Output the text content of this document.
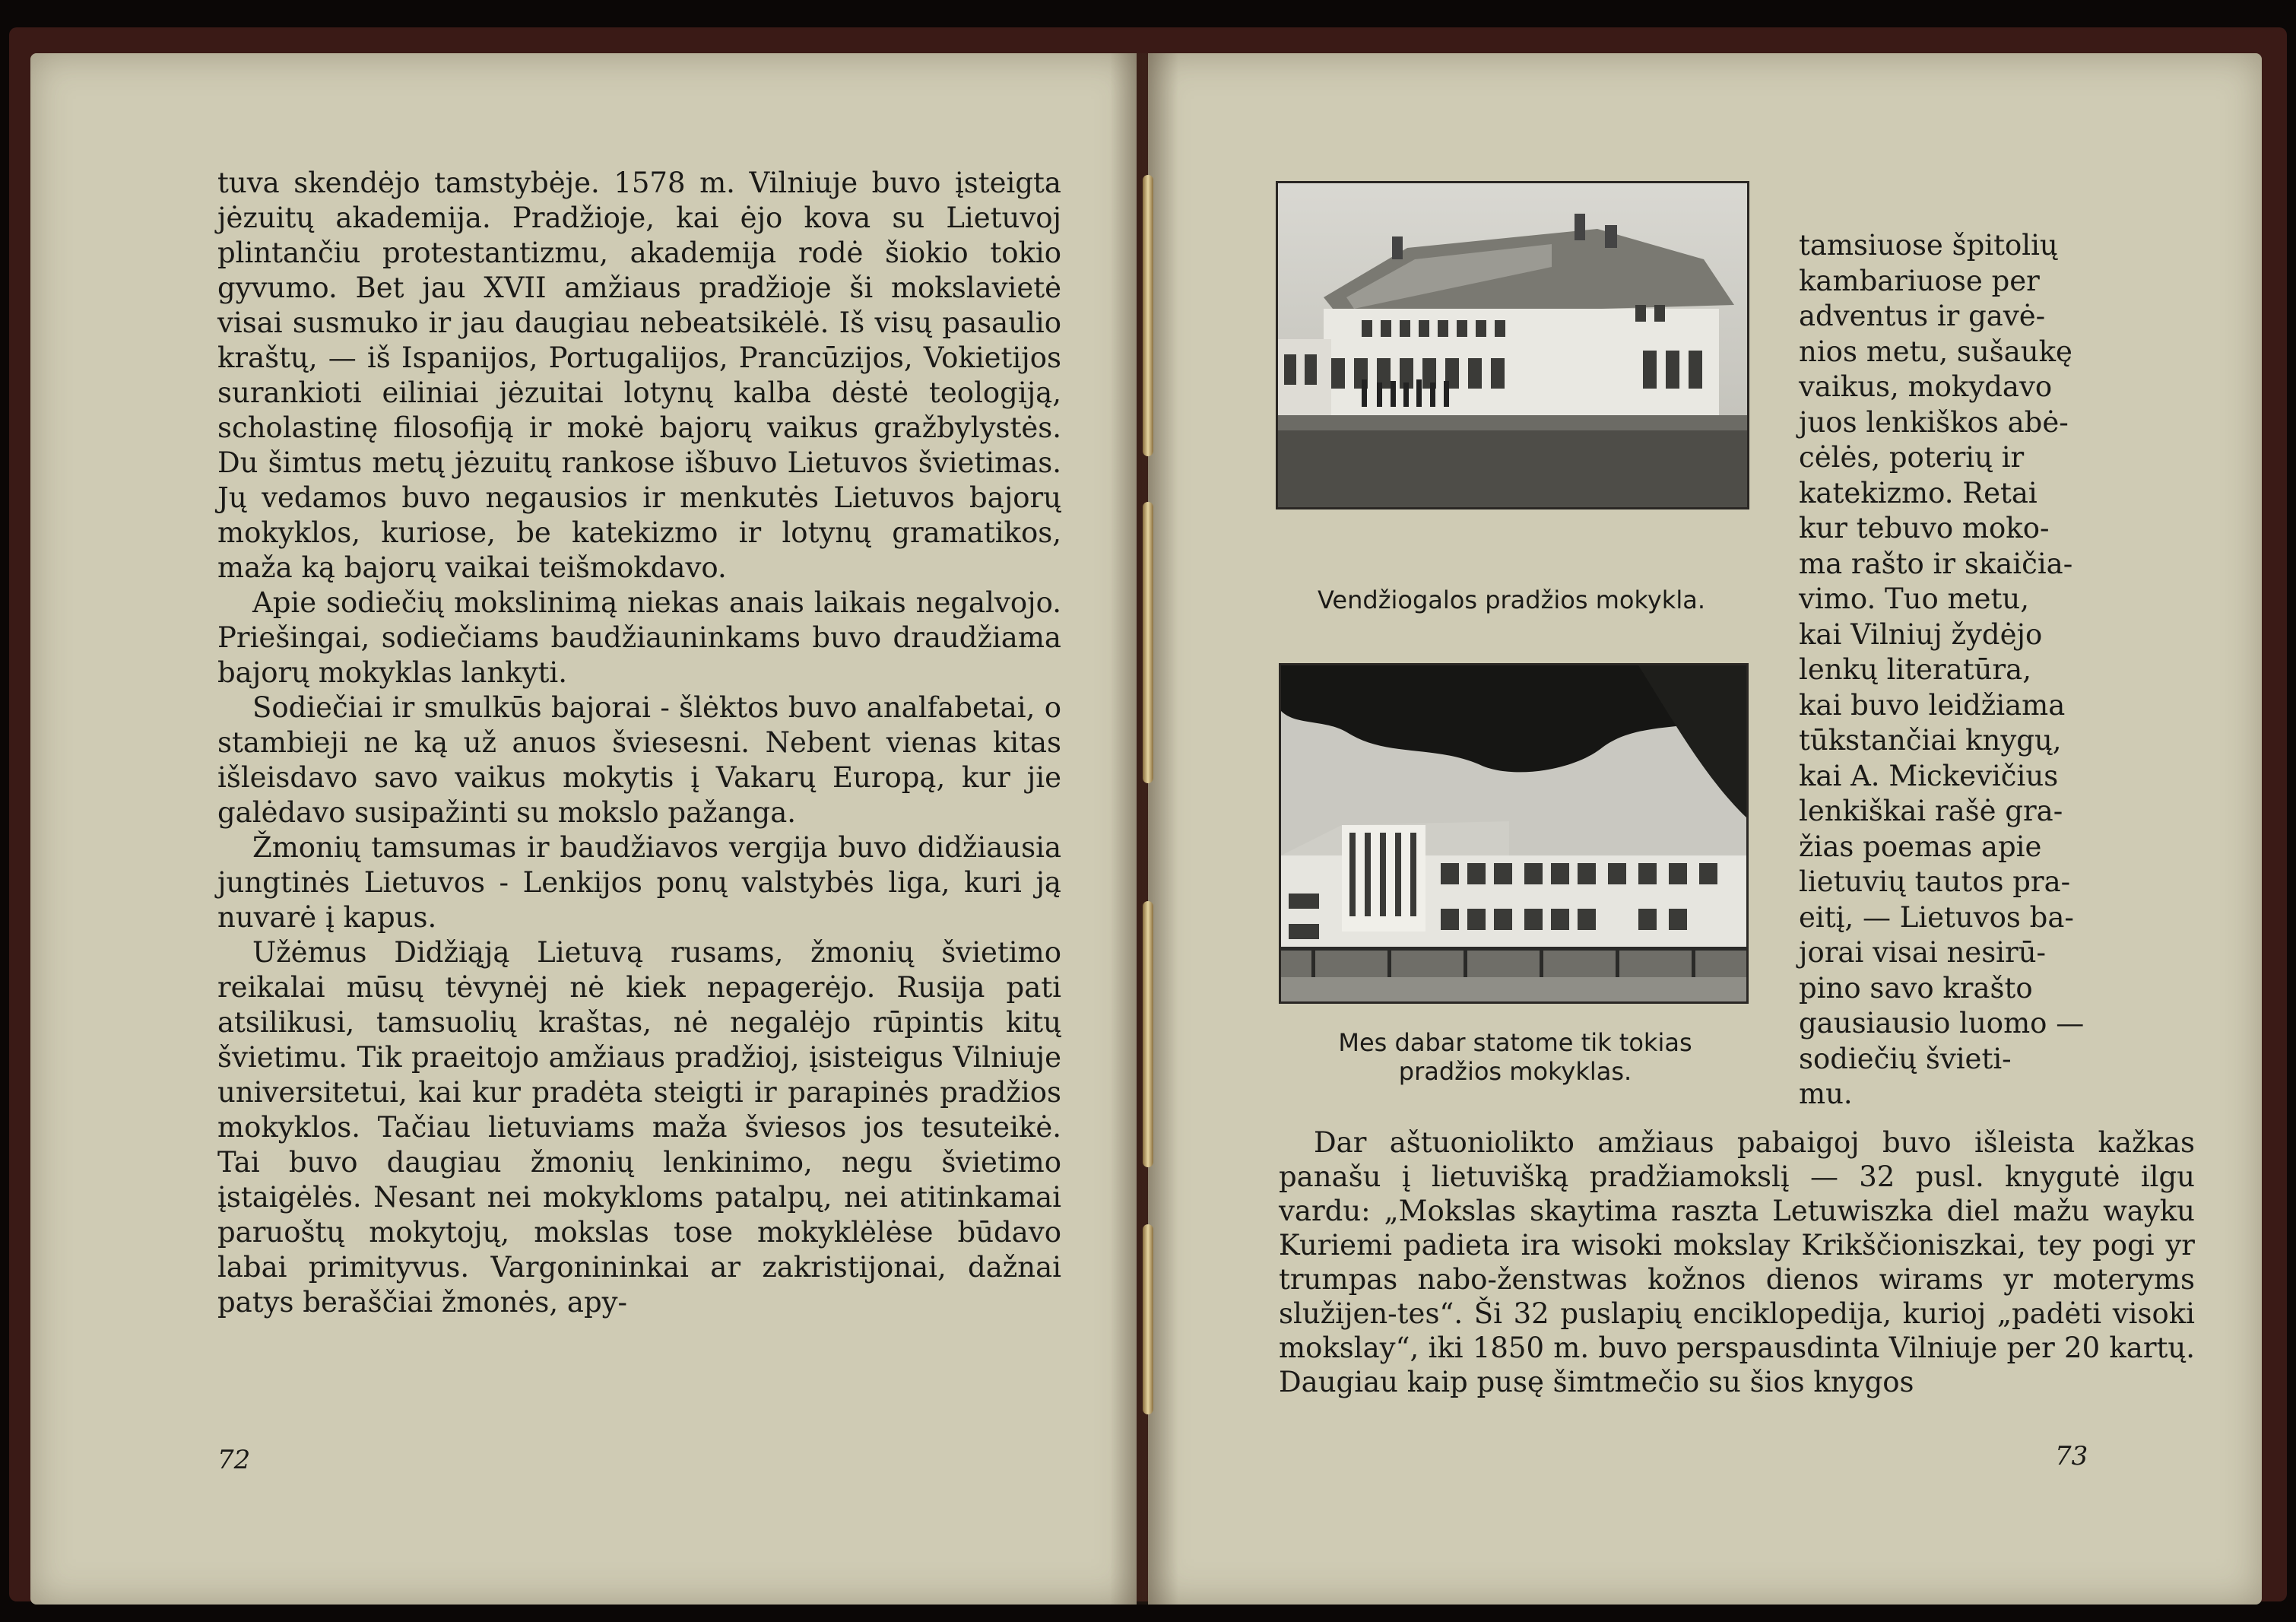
tuva skendėjo tamstybėje. 1578 m. Vilniuje buvo įsteigta jėzuitų akademija. Pradžioje, kai ėjo kova su Lietuvoj plintančiu protestantizmu, akademija rodė šiokio tokio gyvumo. Bet jau XVII amžiaus pradžioje ši mokslavietė visai susmuko ir jau daugiau nebeatsikėlė. Iš visų pasaulio kraštų, — iš Ispanijos, Portugalijos, Prancūzijos, Vokietijos surankioti eiliniai jėzuitai lotynų kalba dėstė teologiją, scholastinę filosofiją ir mokė bajorų vaikus gražbylystės. Du šimtus metų jėzuitų rankose išbuvo Lietuvos švietimas. Jų vedamos buvo negausios ir menkutės Lietuvos bajorų mokyklos, kuriose, be katekizmo ir lotynų gramatikos, maža ką bajorų vaikai teišmokdavo.

Apie sodiečių mokslinimą niekas anais laikais negalvojo. Priešingai, sodiečiams baudžiauninkams buvo draudžiama bajorų mokyklas lankyti.

Sodiečiai ir smulkūs bajorai - šlėktos buvo analfabetai, o stambieji ne ką už anuos šviesesni. Nebent vienas kitas išleisdavo savo vaikus mokytis į Vakarų Europą, kur jie galėdavo susipažinti su mokslo pažanga.

Žmonių tamsumas ir baudžiavos vergija buvo didžiausia jungtinės Lietuvos - Lenkijos ponų valstybės liga, kuri ją nuvarė į kapus.

Užėmus Didžiąją Lietuvą rusams, žmonių švietimo reikalai mūsų tėvynėj nė kiek nepagerėjo. Rusija pati atsilikusi, tamsuolių kraštas, nė negalėjo rūpintis kitų švietimu. Tik praeitojo amžiaus pradžioj, įsisteigus Vilniuje universitetui, kai kur pradėta steigti ir parapinės pradžios mokyklos. Tačiau lietuviams maža šviesos jos tesuteikė. Tai buvo daugiau žmonių lenkinimo, negu švietimo įstaigėlės. Nesant nei mokykloms patalpų, nei atitinkamai paruoštų mokytojų, mokslas tose mokyklėlėse būdavo labai primityvus. Vargonininkai ar zakristijonai, dažnai patys beraščiai žmonės, apy-

72
Vendžiogalos pradžios mokykla.
Mes dabar statome tik tokias pradžios mokyklas.
tamsiuose špitolių
kambariuose per
adventus ir gavė-
nios metu, sušaukę
vaikus, mokydavo
juos lenkiškos abė-
cėlės, poterių ir
katekizmo. Retai
kur tebuvo moko-
ma rašto ir skaičia-
vimo. Tuo metu,
kai Vilniuj žydėjo
lenkų literatūra,
kai buvo leidžiama
tūkstančiai knygų,
kai A. Mickevičius
lenkiškai rašė gra-
žias poemas apie
lietuvių tautos pra-
eitį, — Lietuvos ba-
jorai visai nesirū-
pino savo krašto
gausiausio luomo —
sodiečių švieti-
mu.

Dar aštuonioliktо amžiaus pabaigoj buvo išleista kažkas panašu į lietuvišką pradžiamokslį — 32 pusl. knygutė ilgu vardu: „Mokslas skaytima raszta Letuwiszka diel mažu wayku Kuriemi padieta ira wisoki mokslay Krikščioniszkai, tey pogi yr trumpas nabo-ženstwas kožnos dienos wirams yr moteryms služijen-tes“. Ši 32 puslapių enciklopedija, kurioj „padėti visoki mokslay“, iki 1850 m. buvo perspausdinta Vilniuje per 20 kartų. Daugiau kaip pusę šimtmečio su šios knygos

73
